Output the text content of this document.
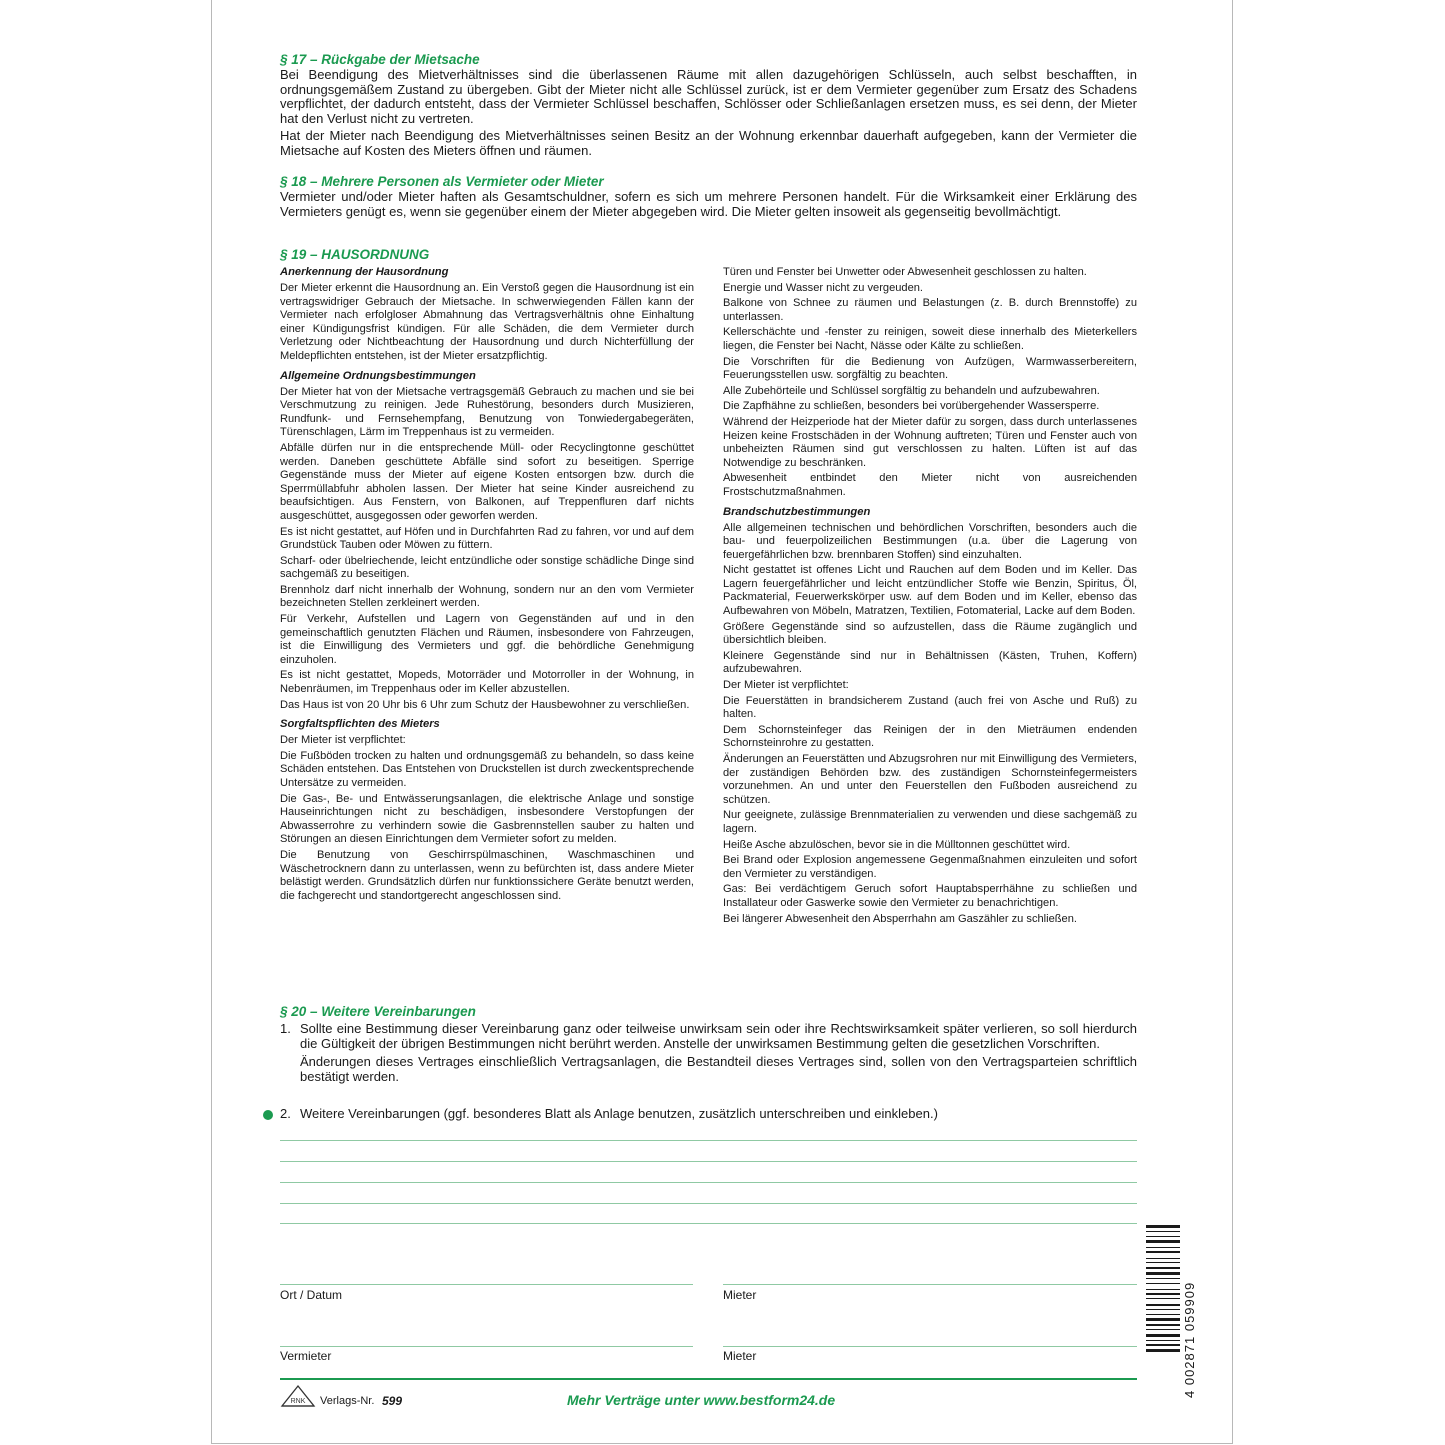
§ 17 – Rückgabe der Mietsache

Bei Beendigung des Mietverhältnisses sind die überlassenen Räume mit allen dazugehörigen Schlüsseln, auch selbst beschafften, in ordnungsgemäßem Zustand zu übergeben. Gibt der Mieter nicht alle Schlüssel zurück, ist er dem Vermieter gegenüber zum Ersatz des Schadens verpflichtet, der dadurch entsteht, dass der Vermieter Schlüssel beschaffen, Schlösser oder Schließanlagen ersetzen muss, es sei denn, der Mieter hat den Verlust nicht zu vertreten.

Hat der Mieter nach Beendigung des Mietverhältnisses seinen Besitz an der Wohnung erkennbar dauerhaft aufgegeben, kann der Vermieter die Mietsache auf Kosten des Mieters öffnen und räumen.

§ 18 – Mehrere Personen als Vermieter oder Mieter

Vermieter und/oder Mieter haften als Gesamtschuldner, sofern es sich um mehrere Personen handelt. Für die Wirksamkeit einer Erklärung des Vermieters genügt es, wenn sie gegenüber einem der Mieter abgegeben wird. Die Mieter gelten insoweit als gegenseitig bevollmächtigt.

§ 19 – HAUSORDNUNG

Anerkennung der Hausordnung

Der Mieter erkennt die Hausordnung an. Ein Verstoß gegen die Hausordnung ist ein vertragswidriger Gebrauch der Mietsache. In schwerwiegenden Fällen kann der Vermieter nach erfolgloser Abmahnung das Vertragsverhältnis ohne Einhaltung einer Kündigungsfrist kündigen. Für alle Schäden, die dem Vermieter durch Verletzung oder Nichtbeachtung der Hausordnung und durch Nichterfüllung der Meldepflichten entstehen, ist der Mieter ersatzpflichtig.

Allgemeine Ordnungsbestimmungen

Der Mieter hat von der Mietsache vertragsgemäß Gebrauch zu machen und sie bei Verschmutzung zu reinigen. Jede Ruhestörung, besonders durch Musizieren, Rundfunk- und Fernsehempfang, Benutzung von Tonwiedergabegeräten, Türenschlagen, Lärm im Treppenhaus ist zu vermeiden.

Abfälle dürfen nur in die entsprechende Müll- oder Recyclingtonne geschüttet werden. Daneben geschüttete Abfälle sind sofort zu beseitigen. Sperrige Gegenstände muss der Mieter auf eigene Kosten entsorgen bzw. durch die Sperrmüllabfuhr abholen lassen. Der Mieter hat seine Kinder ausreichend zu beaufsichtigen. Aus Fenstern, von Balkonen, auf Treppenfluren darf nichts ausgeschüttet, ausgegossen oder geworfen werden.

Es ist nicht gestattet, auf Höfen und in Durchfahrten Rad zu fahren, vor und auf dem Grundstück Tauben oder Möwen zu füttern.

Scharf- oder übelriechende, leicht entzündliche oder sonstige schädliche Dinge sind sachgemäß zu beseitigen.

Brennholz darf nicht innerhalb der Wohnung, sondern nur an den vom Vermieter bezeichneten Stellen zerkleinert werden.

Für Verkehr, Aufstellen und Lagern von Gegenständen auf und in den gemeinschaftlich genutzten Flächen und Räumen, insbesondere von Fahrzeugen, ist die Einwilligung des Vermieters und ggf. die behördliche Genehmigung einzuholen.

Es ist nicht gestattet, Mopeds, Motorräder und Motorroller in der Wohnung, in Nebenräumen, im Treppenhaus oder im Keller abzustellen.

Das Haus ist von 20 Uhr bis 6 Uhr zum Schutz der Hausbewohner zu verschließen.

Sorgfaltspflichten des Mieters

Der Mieter ist verpflichtet:

Die Fußböden trocken zu halten und ordnungsgemäß zu behandeln, so dass keine Schäden entstehen. Das Entstehen von Druckstellen ist durch zweckentsprechende Untersätze zu vermeiden.

Die Gas-, Be- und Entwässerungsanlagen, die elektrische Anlage und sonstige Hauseinrichtungen nicht zu beschädigen, insbesondere Verstopfungen der Abwasserrohre zu verhindern sowie die Gasbrennstellen sauber zu halten und Störungen an diesen Einrichtungen dem Vermieter sofort zu melden.

Die Benutzung von Geschirrspülmaschinen, Waschmaschinen und Wäschetrocknern dann zu unterlassen, wenn zu befürchten ist, dass andere Mieter belästigt werden. Grundsätzlich dürfen nur funktionssichere Geräte benutzt werden, die fachgerecht und standortgerecht angeschlossen sind.

Türen und Fenster bei Unwetter oder Abwesenheit geschlossen zu halten.

Energie und Wasser nicht zu vergeuden.

Balkone von Schnee zu räumen und Belastungen (z. B. durch Brennstoffe) zu unterlassen.

Kellerschächte und -fenster zu reinigen, soweit diese innerhalb des Mieterkellers liegen, die Fenster bei Nacht, Nässe oder Kälte zu schließen.

Die Vorschriften für die Bedienung von Aufzügen, Warmwasserbereitern, Feuerungsstellen usw. sorgfältig zu beachten.

Alle Zubehörteile und Schlüssel sorgfältig zu behandeln und aufzubewahren.

Die Zapfhähne zu schließen, besonders bei vorübergehender Wassersperre.

Während der Heizperiode hat der Mieter dafür zu sorgen, dass durch unterlassenes Heizen keine Frostschäden in der Wohnung auftreten; Türen und Fenster auch von unbeheizten Räumen sind gut verschlossen zu halten. Lüften ist auf das Notwendige zu beschränken.

Abwesenheit entbindet den Mieter nicht von ausreichenden Frostschutzmaßnahmen.

Brandschutzbestimmungen

Alle allgemeinen technischen und behördlichen Vorschriften, besonders auch die bau- und feuerpolizeilichen Bestimmungen (u.a. über die Lagerung von feuergefährlichen bzw. brennbaren Stoffen) sind einzuhalten.

Nicht gestattet ist offenes Licht und Rauchen auf dem Boden und im Keller. Das Lagern feuergefährlicher und leicht entzündlicher Stoffe wie Benzin, Spiritus, Öl, Packmaterial, Feuerwerkskörper usw. auf dem Boden und im Keller, ebenso das Aufbewahren von Möbeln, Matratzen, Textilien, Fotomaterial, Lacke auf dem Boden.

Größere Gegenstände sind so aufzustellen, dass die Räume zugänglich und übersichtlich bleiben.

Kleinere Gegenstände sind nur in Behältnissen (Kästen, Truhen, Koffern) aufzubewahren.

Der Mieter ist verpflichtet:

Die Feuerstätten in brandsicherem Zustand (auch frei von Asche und Ruß) zu halten.

Dem Schornsteinfeger das Reinigen der in den Mieträumen endenden Schornsteinrohre zu gestatten.

Änderungen an Feuerstätten und Abzugsrohren nur mit Einwilligung des Vermieters, der zuständigen Behörden bzw. des zuständigen Schornsteinfegermeisters vorzunehmen. An und unter den Feuerstellen den Fußboden ausreichend zu schützen.

Nur geeignete, zulässige Brennmaterialien zu verwenden und diese sachgemäß zu lagern.

Heiße Asche abzulöschen, bevor sie in die Mülltonnen geschüttet wird.

Bei Brand oder Explosion angemessene Gegenmaßnahmen einzuleiten und sofort den Vermieter zu verständigen.

Gas: Bei verdächtigem Geruch sofort Hauptabsperrhähne zu schließen und Installateur oder Gaswerke sowie den Vermieter zu benachrichtigen.

Bei längerer Abwesenheit den Absperrhahn am Gaszähler zu schließen.

§ 20 – Weitere Vereinbarungen

1. Sollte eine Bestimmung dieser Vereinbarung ganz oder teilweise unwirksam sein oder ihre Rechtswirksamkeit später verlieren, so soll hierdurch die Gültigkeit der übrigen Bestimmungen nicht berührt werden. Anstelle der unwirksamen Bestimmung gelten die gesetzlichen Vorschriften.

Änderungen dieses Vertrages einschließlich Vertragsanlagen, die Bestandteil dieses Vertrages sind, sollen von den Vertragsparteien schriftlich bestätigt werden.

2. Weitere Vereinbarungen (ggf. besonderes Blatt als Anlage benutzen, zusätzlich unterschreiben und einkleben.)

Ort / Datum	Mieter
Vermieter	Mieter
RNK Verlags-Nr. 599	Mehr Verträge unter www.bestform24.de
4 002871 059909
